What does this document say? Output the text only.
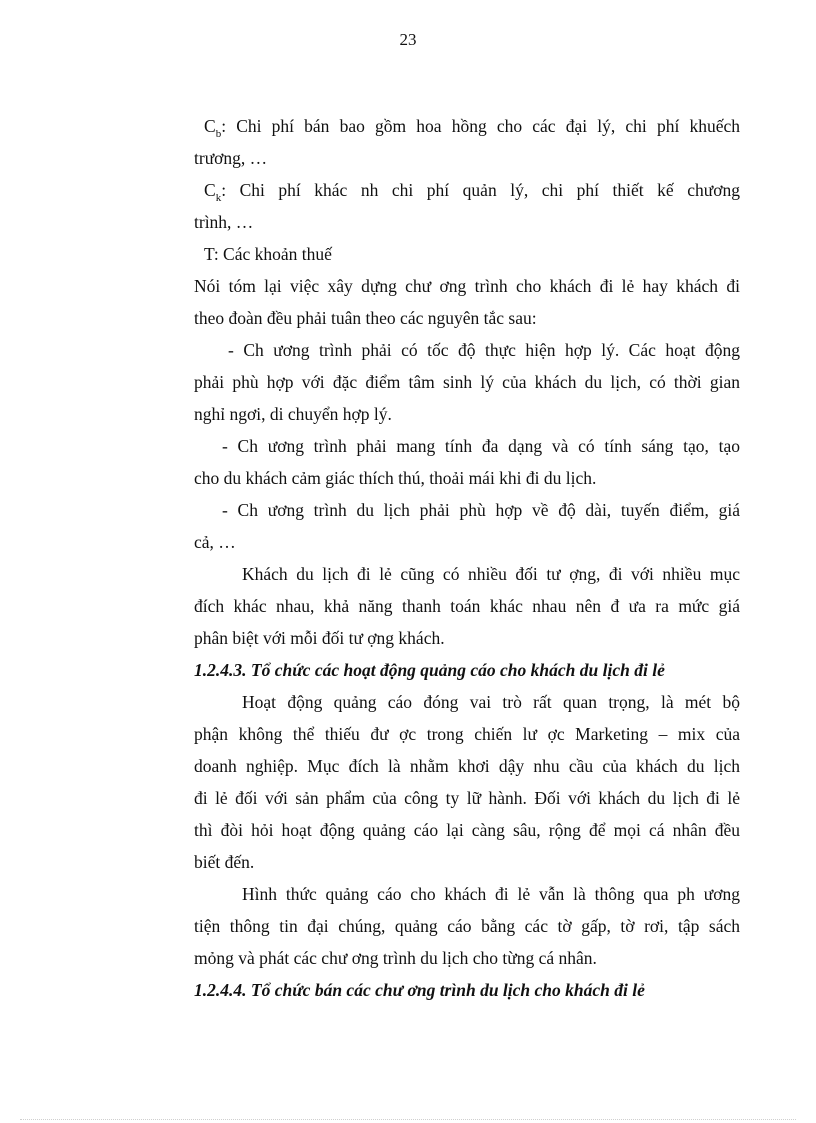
23
$C_b$: Chi phí bán bao gồm hoa hồng cho các đại lý, chi phí khuếch
trương, …
$C_k$: Chi phí khác nh chi phí quản lý, chi phí thiết kế chương
trình, …
T: Các khoản thuế
Nói tóm lại việc xây dựng chư ơng trình cho khách đi lẻ hay khách đi
theo đoàn đều phải tuân theo các nguyên tắc sau:
- Ch ương trình phải có tốc độ thực hiện hợp lý. Các hoạt động
phải phù hợp với đặc điểm tâm sinh lý của khách du lịch, có thời gian
nghỉ ngơi, di chuyển hợp lý.
- Ch ương trình phải mang tính đa dạng và có tính sáng tạo, tạo
cho du khách cảm giác thích thú, thoải mái khi đi du lịch.
- Ch ương trình du lịch phải phù hợp về độ dài, tuyến điểm, giá
cả, …
Khách du lịch đi lẻ cũng có nhiều đối tư ợng, đi với nhiều mục
đích khác nhau, khả năng thanh toán khác nhau nên đ ưa ra mức giá
phân biệt với mỗi đối tư ợng khách.
1.2.4.3. Tổ chức các hoạt động quảng cáo cho khách du lịch đi lẻ
Hoạt động quảng cáo đóng vai trò rất quan trọng, là mét bộ
phận không thể thiếu đư ợc trong chiến lư ợc Marketing – mix của
doanh nghiệp. Mục đích là nhằm khơi dậy nhu cầu của khách du lịch
đi lẻ đối với sản phẩm của công ty lữ hành. Đối với khách du lịch đi lẻ
thì đòi hỏi hoạt động quảng cáo lại càng sâu, rộng để mọi cá nhân đều
biết đến.
Hình thức quảng cáo cho khách đi lẻ vẫn là thông qua ph ương
tiện thông tin đại chúng, quảng cáo bằng các tờ gấp, tờ rơi, tập sách
mỏng và phát các chư ơng trình du lịch cho từng cá nhân.
1.2.4.4. Tổ chức bán các chư ơng trình du lịch cho khách đi lẻ
